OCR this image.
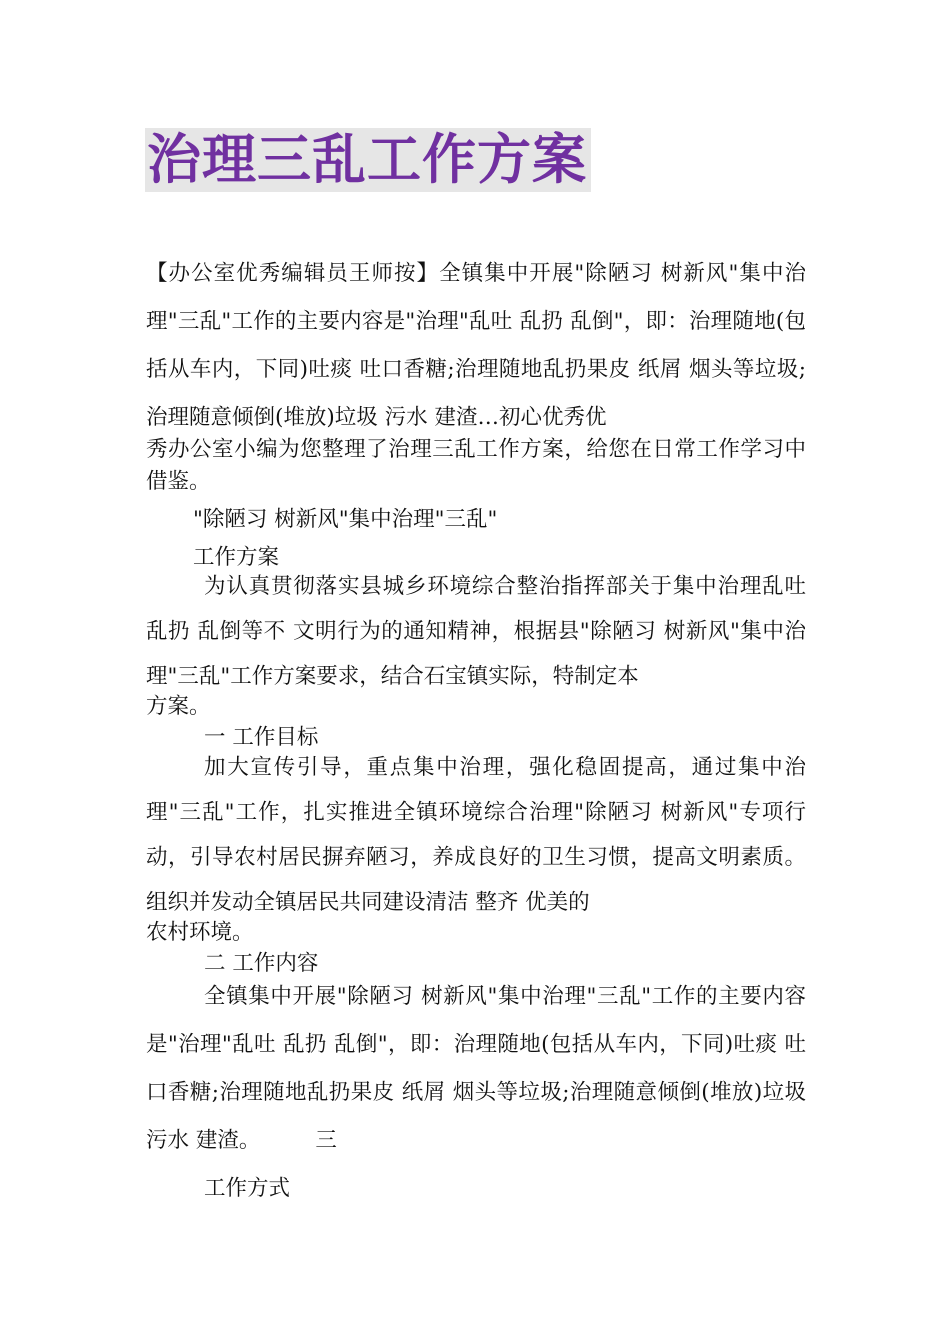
治理三乱工作方案

【办公室优秀编辑员王师按】全镇集中开展"除陋习 树新风"集中治理"三乱"工作的主要内容是"治理"乱吐 乱扔 乱倒"，即：治理随地(包括从车内，下同)吐痰 吐口香糖;治理随地乱扔果皮 纸屑 烟头等垃圾;治理随意倾倒(堆放)垃圾 污水 建渣…初心优秀优

秀办公室小编为您整理了治理三乱工作方案，给您在日常工作学习中借鉴。

"除陋习 树新风"集中治理"三乱"

工作方案

为认真贯彻落实县城乡环境综合整治指挥部关于集中治理乱吐 乱扔 乱倒等不 文明行为的通知精神，根据县"除陋习 树新风"集中治理"三乱"工作方案要求，结合石宝镇实际，特制定本

方案。

一 工作目标

加大宣传引导，重点集中治理，强化稳固提高，通过集中治理"三乱"工作，扎实推进全镇环境综合治理"除陋习 树新风"专项行动，引导农村居民摒弃陋习，养成良好的卫生习惯，提高文明素质。组织并发动全镇居民共同建设清洁 整齐 优美的

农村环境。

二 工作内容

全镇集中开展"除陋习 树新风"集中治理"三乱"工作的主要内容是"治理"乱吐 乱扔 乱倒"，即：治理随地(包括从车内，下同)吐痰 吐口香糖;治理随地乱扔果皮 纸屑 烟头等垃圾;治理随意倾倒(堆放)垃圾 污水 建渣。	三

工作方式
